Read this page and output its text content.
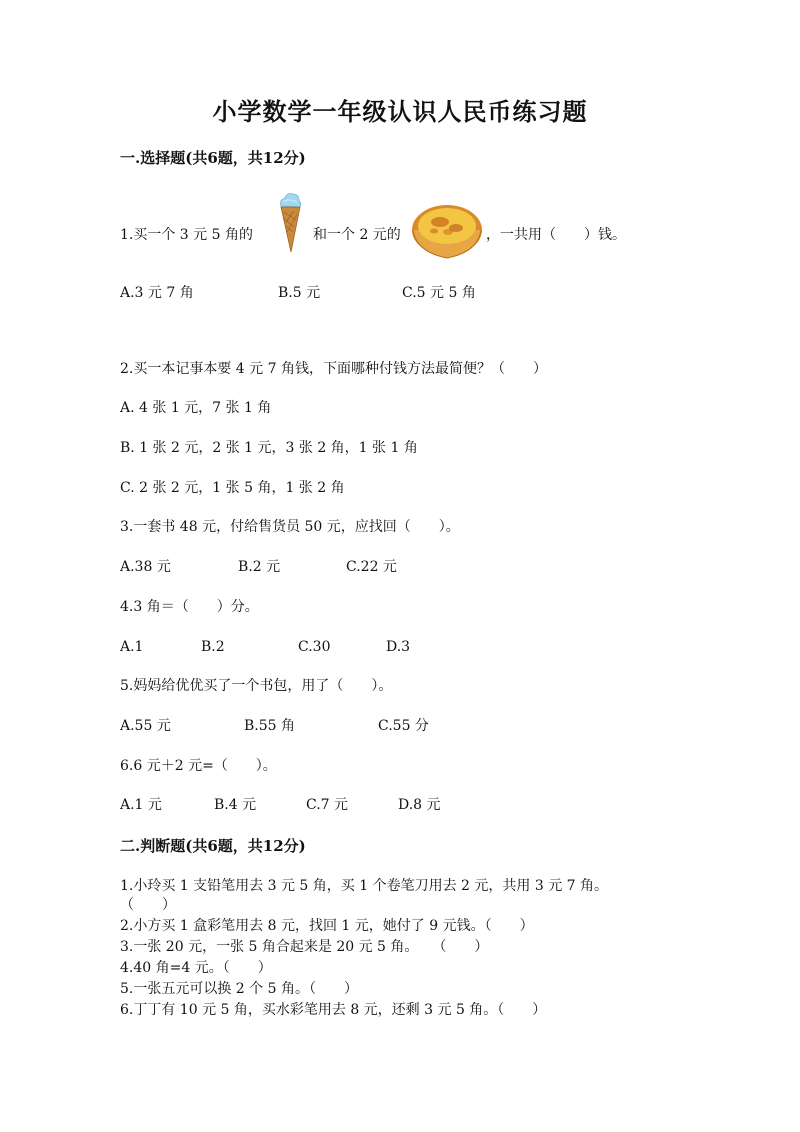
小学数学一年级认识人民币练习题
一.选择题(共6题，共12分)
1.买一个 3 元 5 角的	和一个 2 元的	，一共用（　　）钱。
A.3 元 7 角	B.5 元	C.5 元 5 角
2.买一本记事本要 4 元 7 角钱，下面哪种付钱方法最简便？（　　）
A. 4 张 1 元，7 张 1 角
B. 1 张 2 元，2 张 1 元，3 张 2 角，1 张 1 角
C. 2 张 2 元，1 张 5 角，1 张 2 角
3.一套书 48 元，付给售货员 50 元，应找回（　　）。
A.38 元	B.2 元	C.22 元
4.3 角＝（　　）分。
A.1	B.2	C.30	D.3
5.妈妈给优优买了一个书包，用了（　　）。
A.55 元	B.55 角	C.55 分
6.6 元＋2 元=（　　）。
A.1 元	B.4 元	C.7 元	D.8 元
二.判断题(共6题，共12分)
1.小玲买 1 支铅笔用去 3 元 5 角，买 1 个卷笔刀用去 2 元，共用 3 元 7 角。
（　　）
2.小方买 1 盒彩笔用去 8 元，找回 1 元，她付了 9 元钱。（　　）
3.一张 20 元，一张 5 角合起来是 20 元 5 角。　　（　　）
4.40 角=4 元。（　　）
5.一张五元可以换 2 个 5 角。（　　）
6.丁丁有 10 元 5 角，买水彩笔用去 8 元，还剩 3 元 5 角。（　　）
